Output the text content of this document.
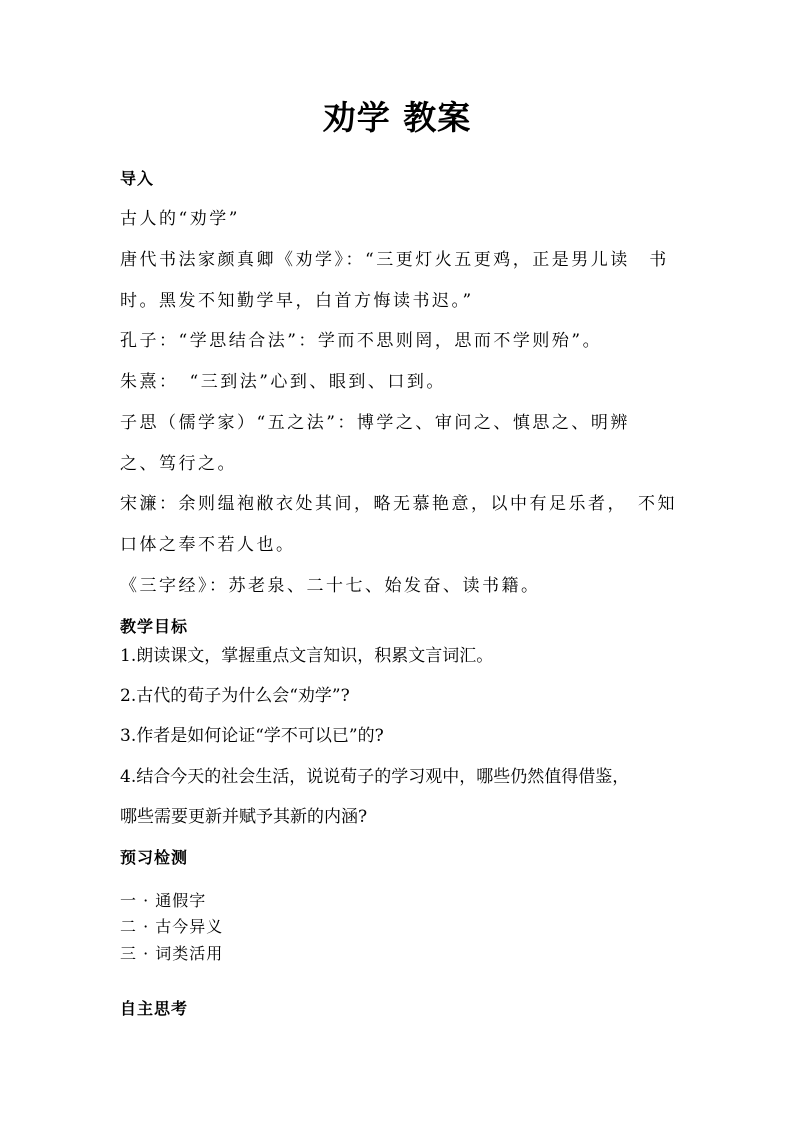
劝学 教案
导入
古人的“劝学”
唐代书法家颜真卿《劝学》：“三更灯火五更鸡，正是男儿读　书
时。黑发不知勤学早，白首方悔读书迟。”
孔子：“学思结合法”：学而不思则罔，思而不学则殆”。
朱熹：　“三到法”心到、眼到、口到。
子思（儒学家）“五之法”：博学之、审问之、慎思之、明辨
之、笃行之。
宋濂：余则缊袍敝衣处其间，略无慕艳意，以中有足乐者，　不知
口体之奉不若人也。
《三字经》：苏老泉、二十七、始发奋、读书籍。
教学目标
1.朗读课文，掌握重点文言知识，积累文言词汇。
2.古代的荀子为什么会“劝学”?
3.作者是如何论证“学不可以已”的?
4.结合今天的社会生活，说说荀子的学习观中，哪些仍然值得借鉴，
哪些需要更新并赋予其新的内涵?
预习检测
一 · 通假字
二 · 古今异义
三 · 词类活用
自主思考
